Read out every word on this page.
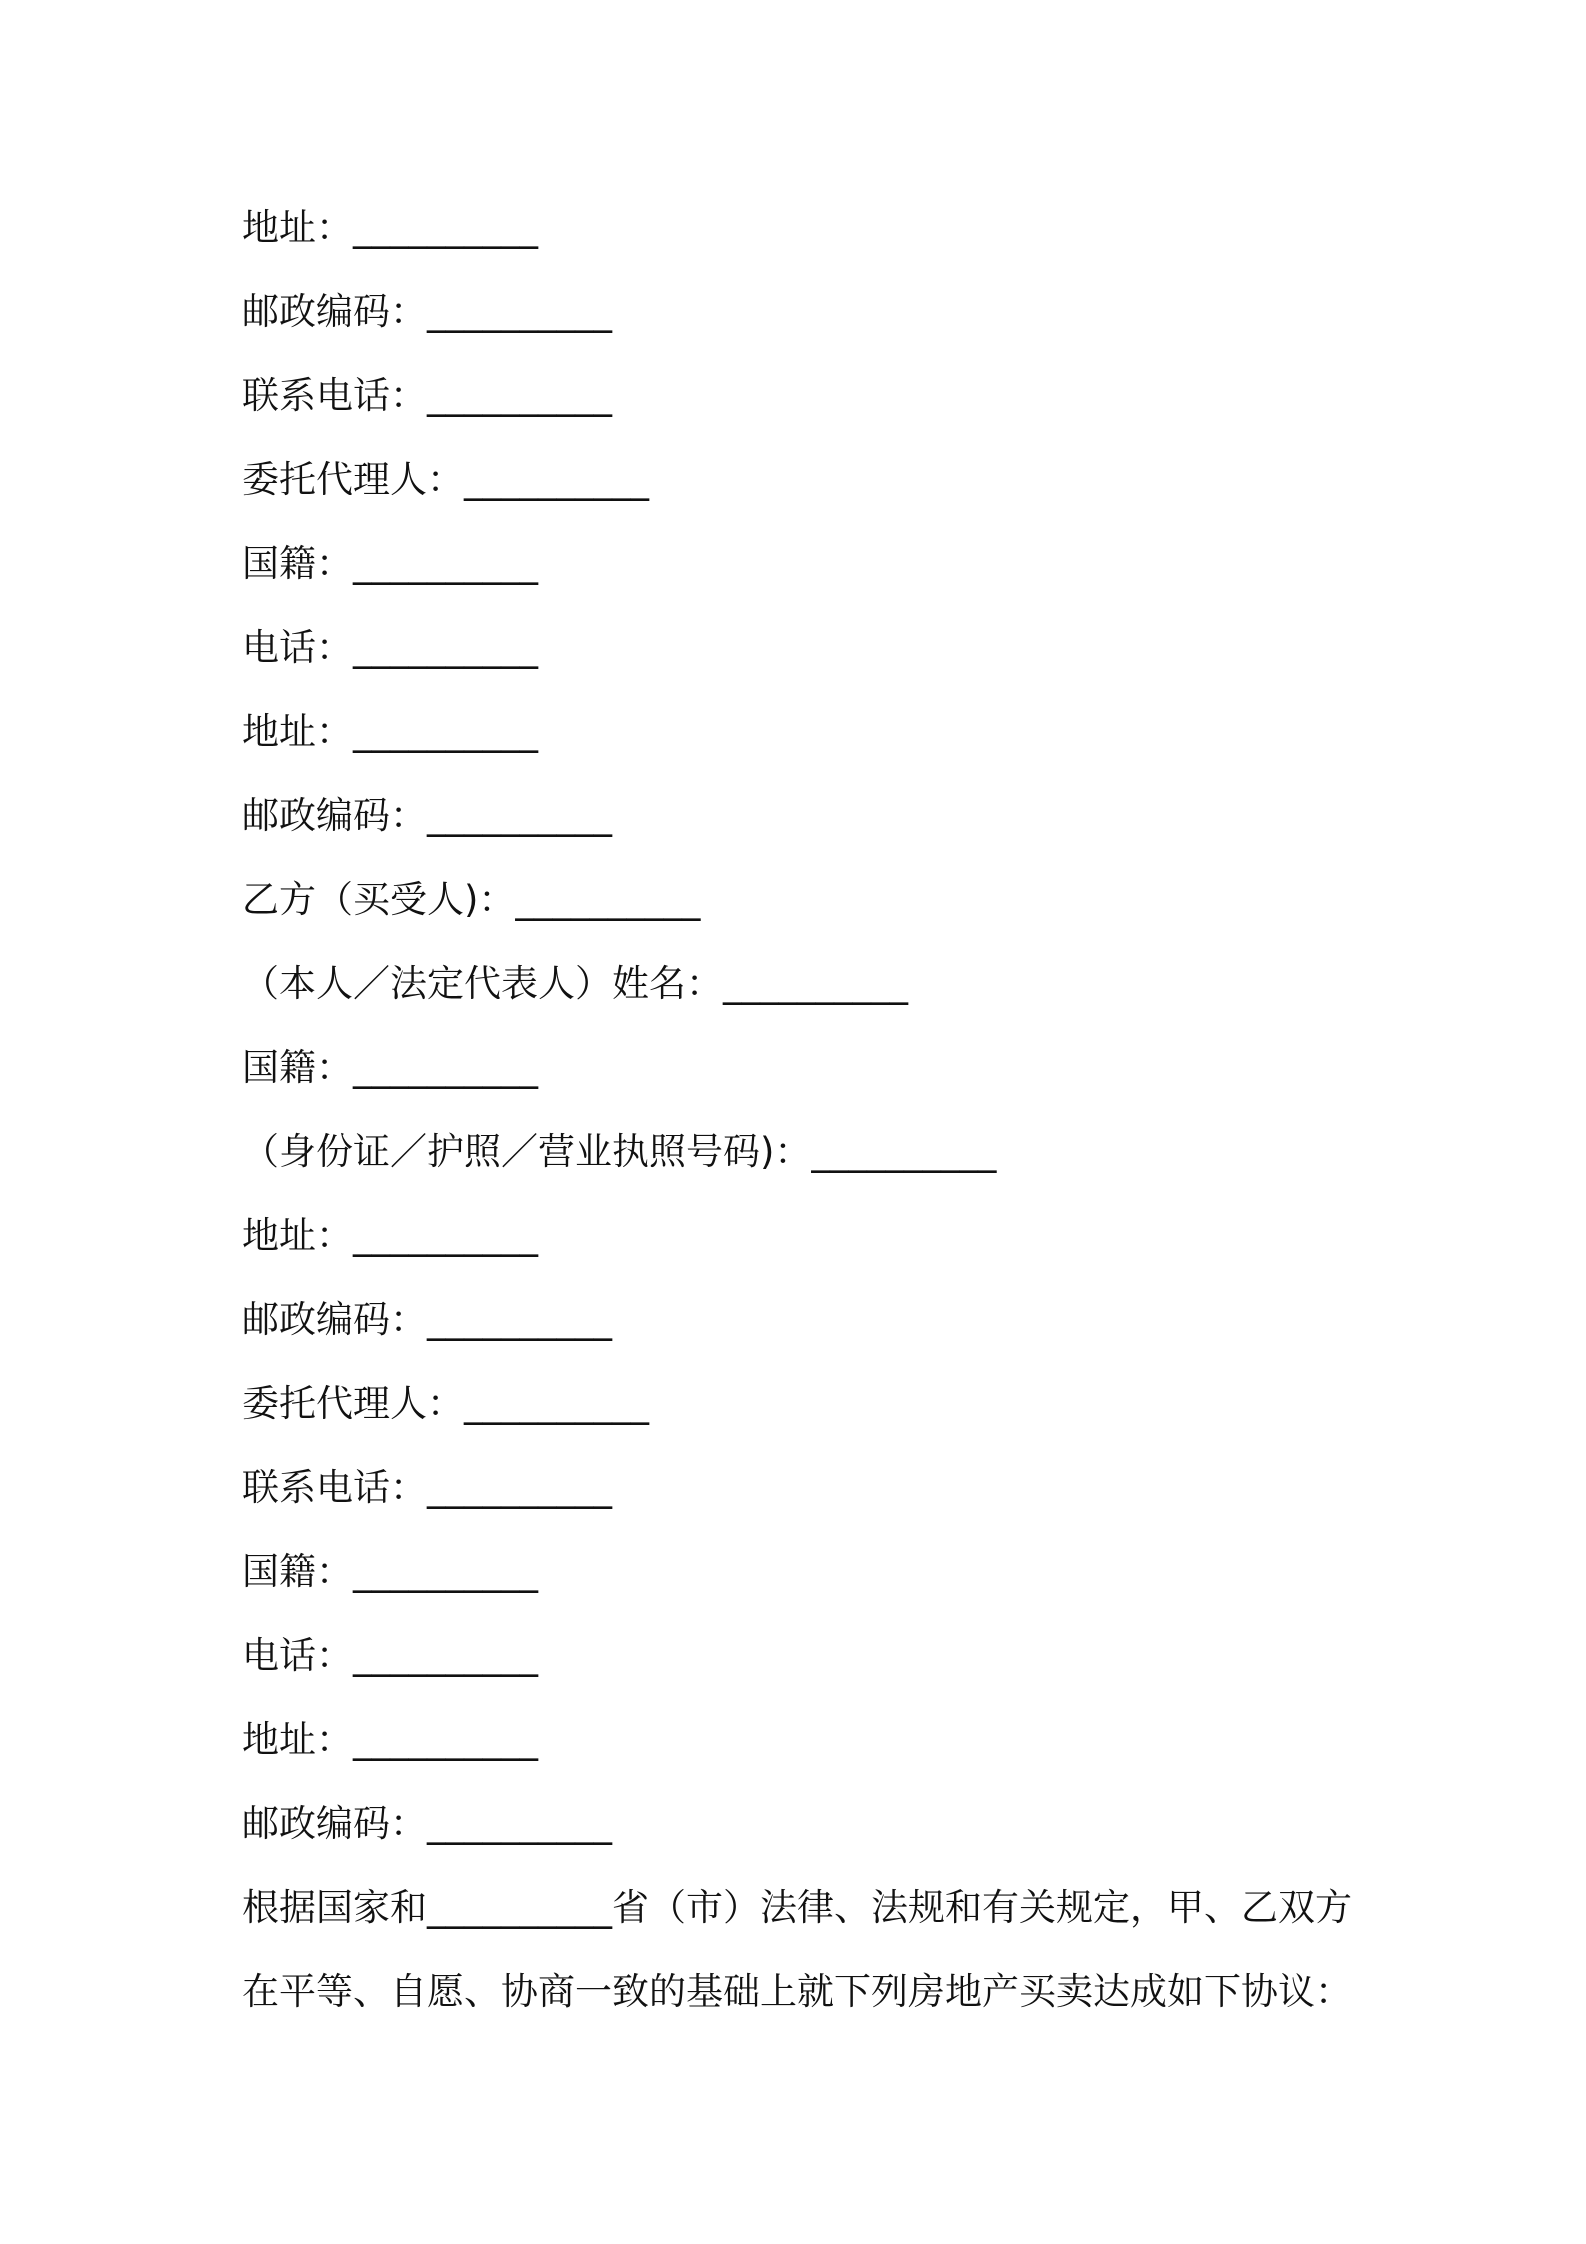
地址：__________
邮政编码：__________
联系电话：__________
委托代理人：__________
国籍：__________
电话：__________
地址：__________
邮政编码：__________
乙方（买受人)：__________
（本人／法定代表人）姓名：__________
国籍：__________
（身份证／护照／营业执照号码)：__________
地址：__________
邮政编码：__________
委托代理人：__________
联系电话：__________
国籍：__________
电话：__________
地址：__________
邮政编码：__________
根据国家和__________省（市）法律、法规和有关规定，甲、乙双方
在平等、自愿、协商一致的基础上就下列房地产买卖达成如下协议：
